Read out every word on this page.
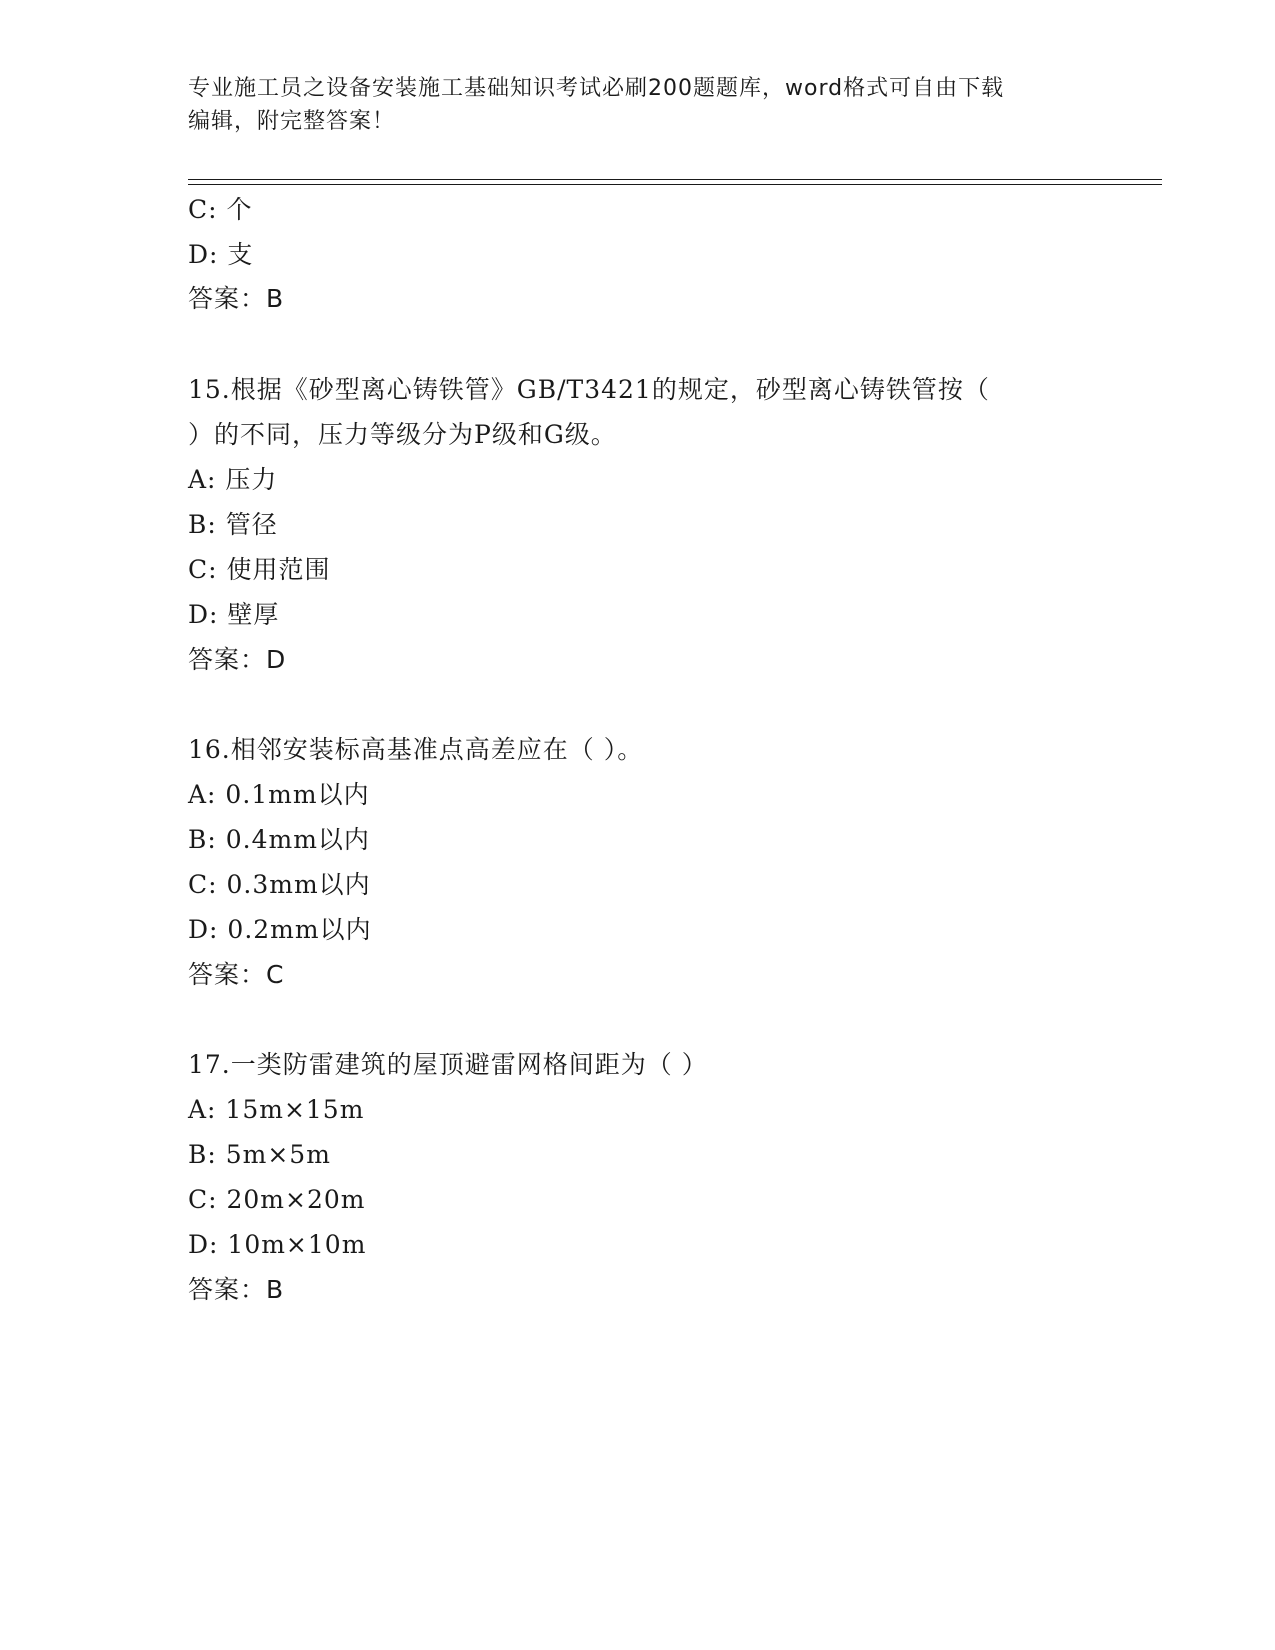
专业施工员之设备安装施工基础知识考试必刷200题题库，word格式可自由下载
编辑，附完整答案！
C: 个
D: 支
答案：B
15.根据《砂型离心铸铁管》GB/T3421的规定，砂型离心铸铁管按（
）的不同，压力等级分为P级和G级。
A: 压力
B: 管径
C: 使用范围
D: 壁厚
答案：D
16.相邻安装标高基准点高差应在（ ）。
A: 0.1mm以内
B: 0.4mm以内
C: 0.3mm以内
D: 0.2mm以内
答案：C
17.一类防雷建筑的屋顶避雷网格间距为（ ）
A: 15m×15m
B: 5m×5m
C: 20m×20m
D: 10m×10m
答案：B
